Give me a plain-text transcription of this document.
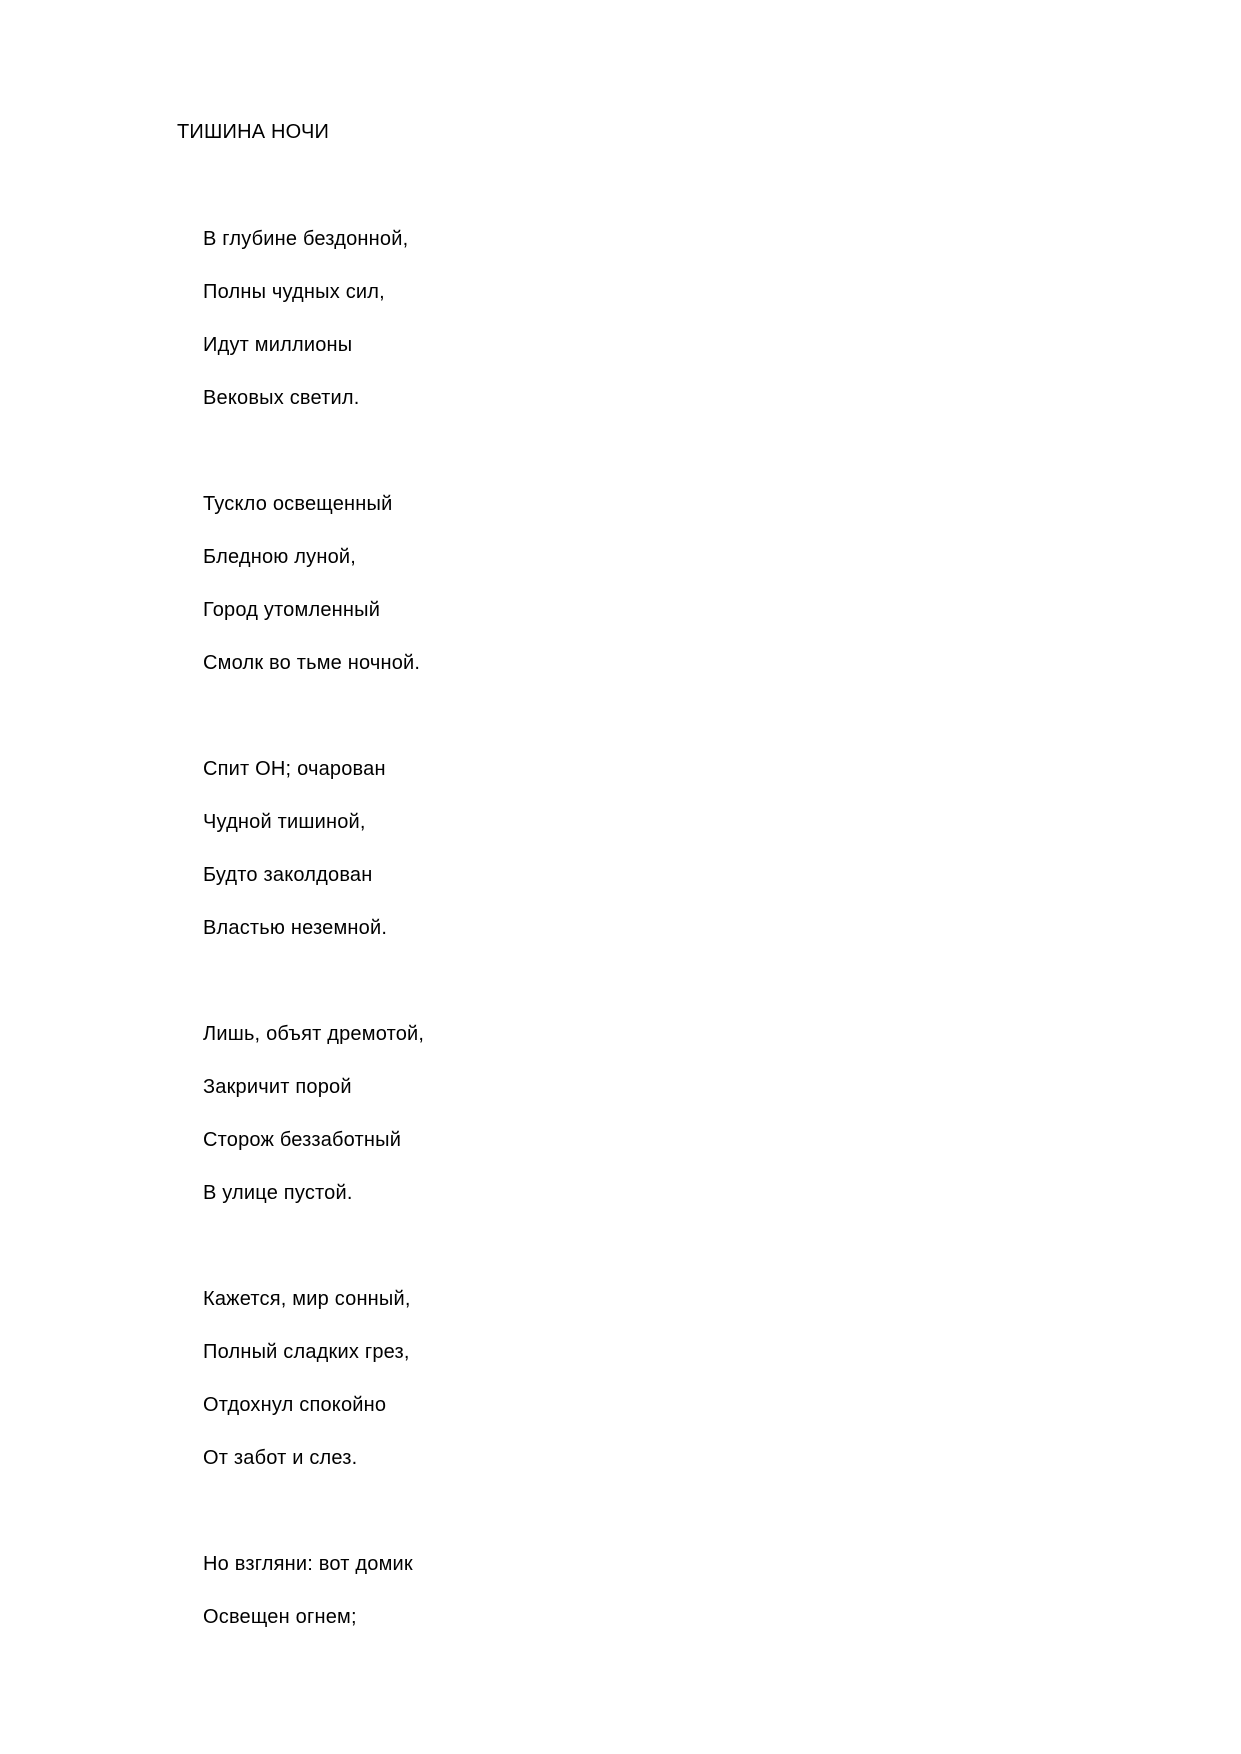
ТИШИНА НОЧИ
В глубине бездонной,
Полны чудных сил,
Идут миллионы
Вековых светил.
Тускло освещенный
Бледною луной,
Город утомленный
Смолк во тьме ночной.
Спит ОН; очарован
Чудной тишиной,
Будто заколдован
Властью неземной.
Лишь, объят дремотой,
Закричит порой
Сторож беззаботный
В улице пустой.
Кажется, мир сонный,
Полный сладких грез,
Отдохнул спокойно
От забот и слез.
Но взгляни: вот домик
Освещен огнем;
